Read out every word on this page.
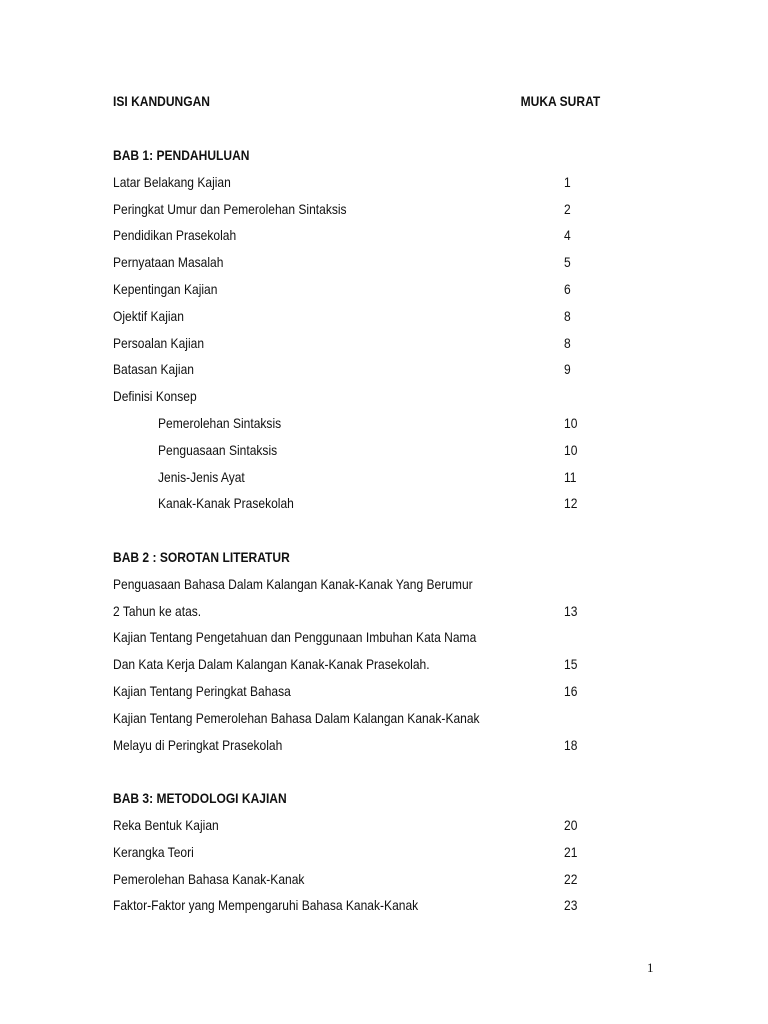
ISI KANDUNGAN	MUKA SURAT
BAB 1: PENDAHULUAN
Latar Belakang Kajian	1
Peringkat Umur dan Pemerolehan Sintaksis	2
Pendidikan Prasekolah	4
Pernyataan Masalah	5
Kepentingan Kajian	6
Ojektif Kajian	8
Persoalan Kajian	8
Batasan Kajian	9
Definisi Konsep
Pemerolehan Sintaksis	10
Penguasaan Sintaksis	10
Jenis-Jenis Ayat	11
Kanak-Kanak Prasekolah	12
BAB 2 : SOROTAN LITERATUR
Penguasaan Bahasa Dalam Kalangan Kanak-Kanak Yang Berumur
2 Tahun ke atas.	13
Kajian Tentang Pengetahuan dan Penggunaan Imbuhan Kata Nama
Dan Kata Kerja Dalam Kalangan Kanak-Kanak Prasekolah.	15
Kajian Tentang Peringkat Bahasa	16
Kajian Tentang Pemerolehan Bahasa Dalam Kalangan Kanak-Kanak
Melayu di Peringkat Prasekolah	18
BAB 3: METODOLOGI KAJIAN
Reka Bentuk Kajian	20
Kerangka Teori	21
Pemerolehan Bahasa Kanak-Kanak	22
Faktor-Faktor yang Mempengaruhi Bahasa Kanak-Kanak	23
1
